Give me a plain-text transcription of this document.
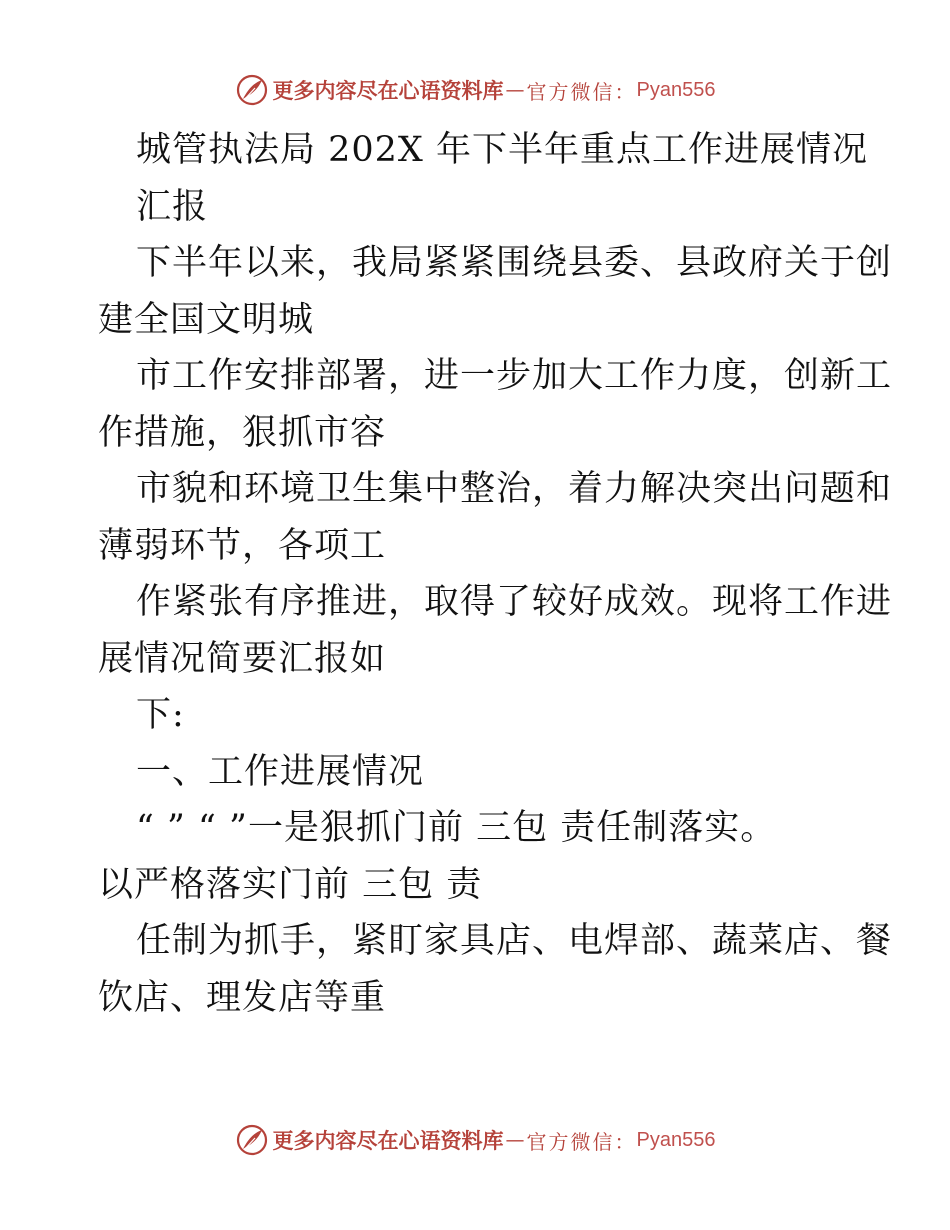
更多内容尽在心语资料库 — 官方微信： Pyan556
城管执法局 202X 年下半年重点工作进展情况
汇报
下半年以来，我局紧紧围绕县委、县政府关于创
建全国文明城
市工作安排部署，进一步加大工作力度，创新工
作措施，狠抓市容
市貌和环境卫生集中整治，着力解决突出问题和
薄弱环节，各项工
作紧张有序推进，取得了较好成效。现将工作进
展情况简要汇报如
下:
一、工作进展情况
“ ” “ ”一是狠抓门前 三包 责任制落实。
以严格落实门前 三包 责
任制为抓手，紧盯家具店、电焊部、蔬菜店、餐
饮店、理发店等重
更多内容尽在心语资料库 — 官方微信： Pyan556
